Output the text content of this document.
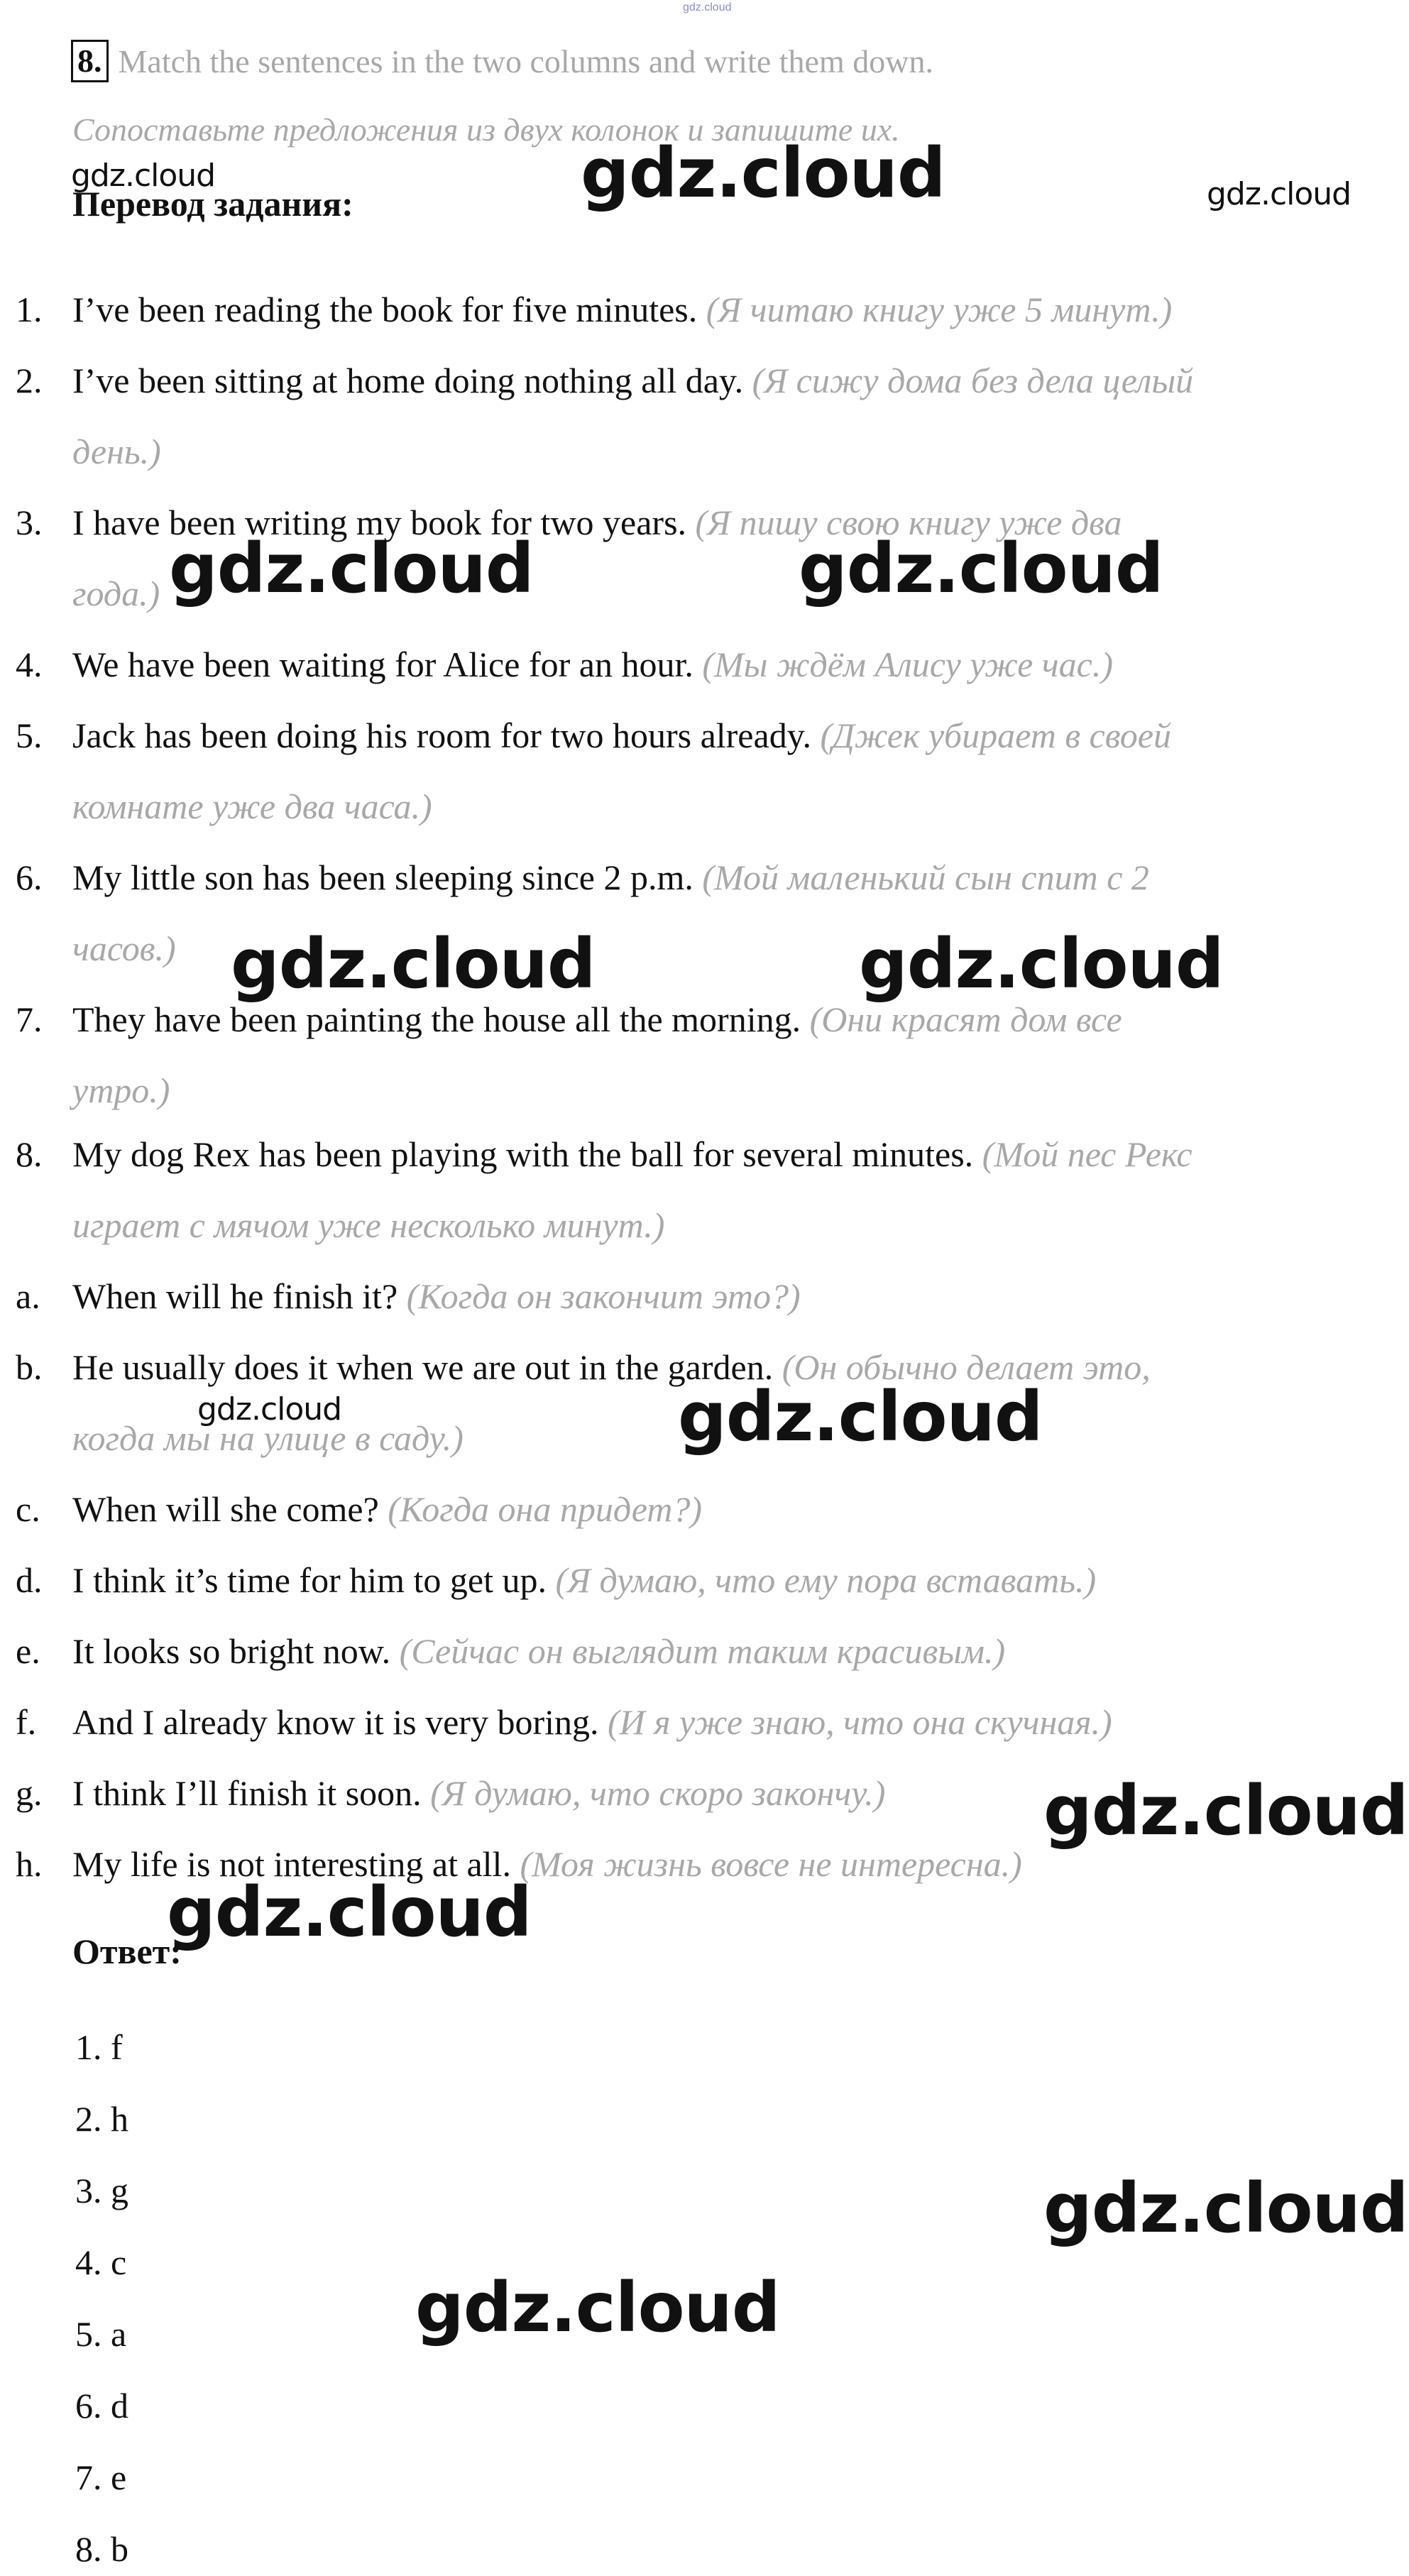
gdz.cloud
8. Match the sentences in the two columns and write them down.
Сопоставьте предложения из двух колонок и запишите их.
Перевод задания:
1. I’ve been reading the book for five minutes. (Я читаю книгу уже 5 минут.)
2. I’ve been sitting at home doing nothing all day. (Я сижу дома без дела целый
день.)
3. I have been writing my book for two years. (Я пишу свою книгу уже два
года.)
4. We have been waiting for Alice for an hour. (Мы ждём Алису уже час.)
5. Jack has been doing his room for two hours already. (Джек убирает в своей
комнате уже два часа.)
6. My little son has been sleeping since 2 p.m. (Мой маленький сын спит с 2
часов.)
7. They have been painting the house all the morning. (Они красят дом все
утро.)
8. My dog Rex has been playing with the ball for several minutes. (Мой пес Рекс
играет с мячом уже несколько минут.)
a. When will he finish it? (Когда он закончит это?)
b. He usually does it when we are out in the garden. (Он обычно делает это,
когда мы на улице в саду.)
c. When will she come? (Когда она придет?)
d. I think it’s time for him to get up. (Я думаю, что ему пора вставать.)
e. It looks so bright now. (Сейчас он выглядит таким красивым.)
f.	And I already know it is very boring. (И я уже знаю, что она скучная.)
g. I think I’ll finish it soon. (Я думаю, что скоро закончу.)
h. My life is not interesting at all. (Моя жизнь вовсе не интересна.)
Ответ:
1. f
2. h
3. g
4. c
5. a
6. d
7. e
8. b
gdz.cloud	gdz.cloud	gdz.cloud
gdz.cloud	gdz.cloud
gdz.cloud	gdz.cloud
gdz.cloud	gdz.cloud
gdz.cloud
gdz.cloud
gdz.cloud
gdz.cloud
